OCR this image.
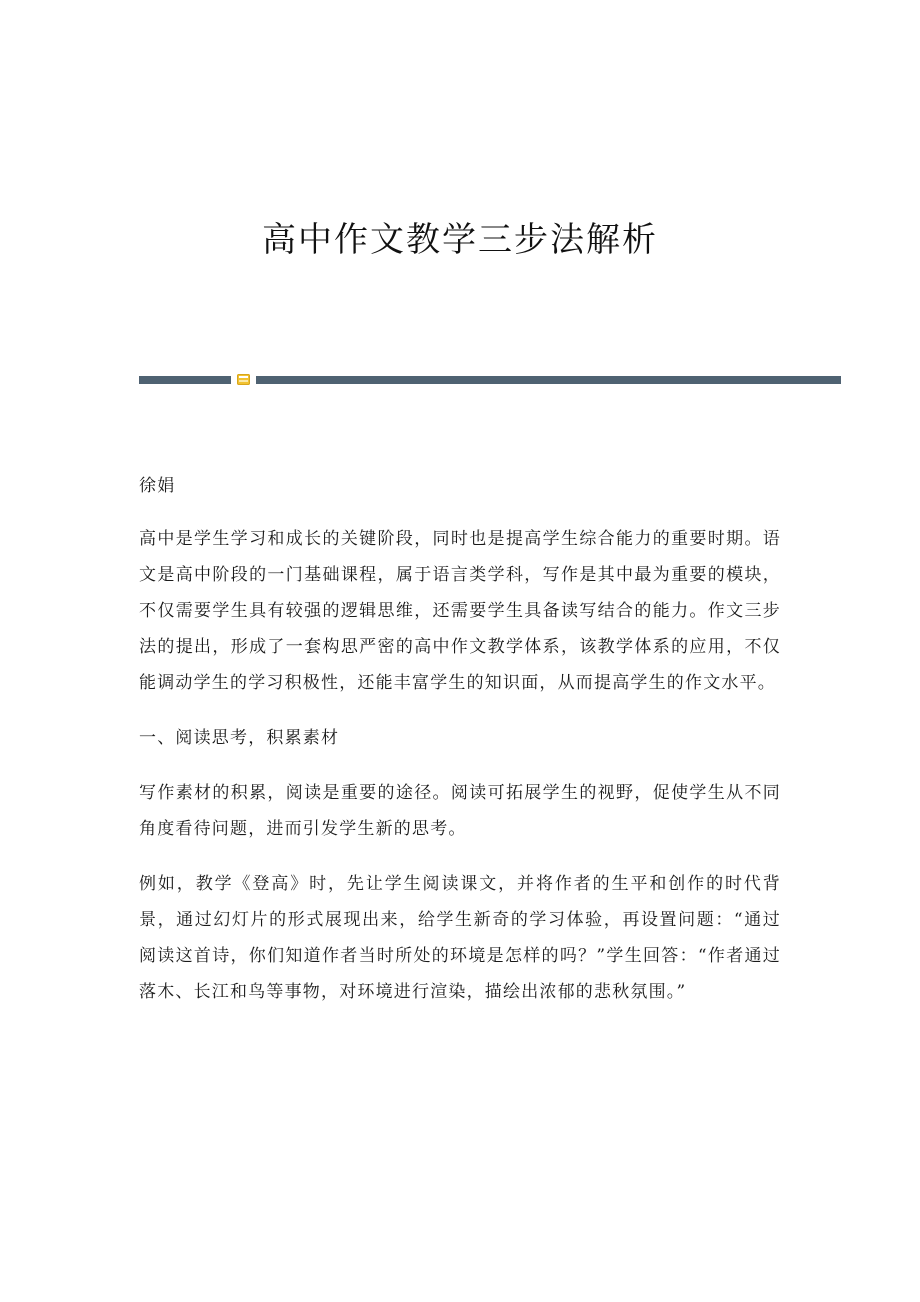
高中作文教学三步法解析

徐娟

高中是学生学习和成长的关键阶段，同时也是提高学生综合能力的重要时期。语文是高中阶段的一门基础课程，属于语言类学科，写作是其中最为重要的模块，不仅需要学生具有较强的逻辑思维，还需要学生具备读写结合的能力。作文三步法的提出，形成了一套构思严密的高中作文教学体系，该教学体系的应用，不仅能调动学生的学习积极性，还能丰富学生的知识面，从而提高学生的作文水平。

一、阅读思考，积累素材

写作素材的积累，阅读是重要的途径。阅读可拓展学生的视野，促使学生从不同角度看待问题，进而引发学生新的思考。

例如，教学《登高》时，先让学生阅读课文，并将作者的生平和创作的时代背景，通过幻灯片的形式展现出来，给学生新奇的学习体验，再设置问题：“通过阅读这首诗，你们知道作者当时所处的环境是怎样的吗？”学生回答：“作者通过落木、长江和鸟等事物，对环境进行渲染，描绘出浓郁的悲秋氛围。”
